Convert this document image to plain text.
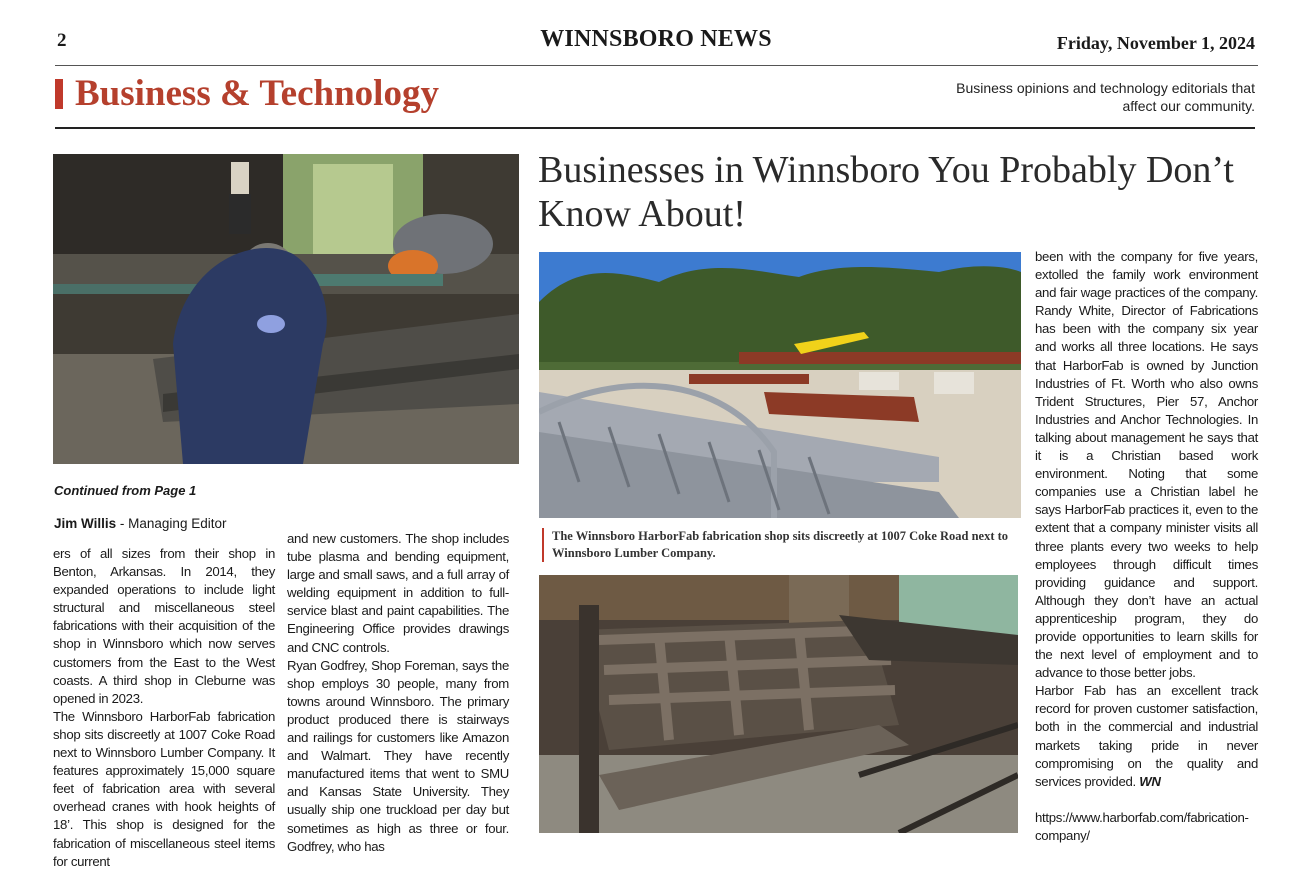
2	WINNSBORO NEWS	Friday, November 1, 2024
Business & Technology	Business opinions and technology editorials that affect our community.
Continued from Page 1
Jim Willis - Managing Editor

ers of all sizes from their shop in Benton, Arkansas. In 2014, they expanded operations to include light structural and miscellaneous steel fabrications with their acquisition of the shop in Winnsboro which now serves customers from the East to the West coasts. A third shop in Cleburne was opened in 2023.

The Winnsboro HarborFab fabrication shop sits discreetly at 1007 Coke Road next to Winnsboro Lumber Company. It features approximately 15,000 square feet of fabrication area with several overhead cranes with hook heights of 18’. This shop is designed for the fabrication of miscellaneous steel items for current

and new customers. The shop includes tube plasma and bending equipment, large and small saws, and a full array of welding equipment in addition to full-service blast and paint capabilities. The Engineering Office provides drawings and CNC controls.

Ryan Godfrey, Shop Foreman, says the shop employs 30 people, many from towns around Winnsboro. The primary product produced there is stairways and railings for customers like Amazon and Walmart. They have recently manufactured items that went to SMU and Kansas State University. They usually ship one truckload per day but sometimes as high as three or four. Godfrey, who has

Businesses in Winnsboro You Probably Don’t Know About!
The Winnsboro HarborFab fabrication shop sits discreetly at 1007 Coke Road next to Winnsboro Lumber Company.

been with the company for five years, extolled the family work environment and fair wage practices of the company. Randy White, Director of Fabrications has been with the company six year and works all three locations. He says that HarborFab is owned by Junction Industries of Ft. Worth who also owns Trident Structures, Pier 57, Anchor Industries and Anchor Technologies. In talking about management he says that it is a Christian based work environment. Noting that some companies use a Christian label he says HarborFab practices it, even to the extent that a company minister visits all three plants every two weeks to help employees through difficult times providing guidance and support. Although they don’t have an actual apprenticeship program, they do provide opportunities to learn skills for the next level of employment and to advance to those better jobs.

Harbor Fab has an excellent track record for proven customer satisfaction, both in the commercial and industrial markets taking pride in never compromising on the quality and services provided. WN

https://www.harborfab.com/fabrication-company/
